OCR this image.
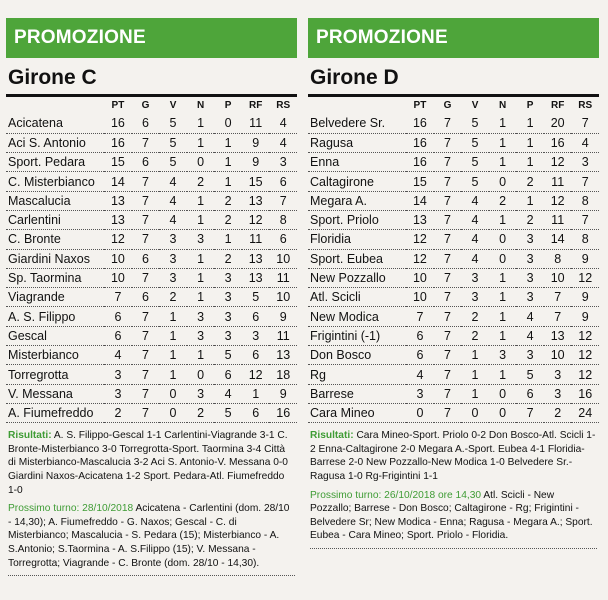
PROMOZIONE
Girone C
	PT	G	V	N	P	RF	RS
Acicatena	16	6	5	1	0	11	4
Aci S. Antonio	16	7	5	1	1	9	4
Sport. Pedara	15	6	5	0	1	9	3
C. Misterbianco	14	7	4	2	1	15	6
Mascalucia	13	7	4	1	2	13	7
Carlentini	13	7	4	1	2	12	8
C. Bronte	12	7	3	3	1	11	6
Giardini Naxos	10	6	3	1	2	13	10
Sp. Taormina	10	7	3	1	3	13	11
Viagrande	7	6	2	1	3	5	10
A. S. Filippo	6	7	1	3	3	6	9
Gescal	6	7	1	3	3	3	11
Misterbianco	4	7	1	1	5	6	13
Torregrotta	3	7	1	0	6	12	18
V. Messana	3	7	0	3	4	1	9
A. Fiumefreddo	2	7	0	2	5	6	16

Risultati: A. S. Filippo-Gescal 1-1 Carlentini-Viagrande 3-1 C. Bronte-Misterbianco 3-0 Torregrotta-Sport. Taormina 3-4 Città di Misterbianco-Mascalucia 3-2 Aci S. Antonio-V. Messana 0-0 Giardini Naxos-Acicatena 1-2 Sport. Pedara-Atl. Fiumefreddo 1-0

Prossimo turno: 28/10/2018 Acicatena - Carlentini (dom. 28/10 - 14,30); A. Fiumefreddo - G. Naxos; Gescal - C. di Misterbianco; Mascalucia - S. Pedara (15); Misterbianco - A. S.Antonio; S.Taormina - A. S.Filippo (15); V. Messana - Torregrotta; Viagrande - C. Bronte (dom. 28/10 - 14,30).

PROMOZIONE
Girone D
	PT	G	V	N	P	RF	RS
Belvedere Sr.	16	7	5	1	1	20	7
Ragusa	16	7	5	1	1	16	4
Enna	16	7	5	1	1	12	3
Caltagirone	15	7	5	0	2	11	7
Megara A.	14	7	4	2	1	12	8
Sport. Priolo	13	7	4	1	2	11	7
Floridia	12	7	4	0	3	14	8
Sport. Eubea	12	7	4	0	3	8	9
New Pozzallo	10	7	3	1	3	10	12
Atl. Scicli	10	7	3	1	3	7	9
New Modica	7	7	2	1	4	7	9
Frigintini (-1)	6	7	2	1	4	13	12
Don Bosco	6	7	1	3	3	10	12
Rg	4	7	1	1	5	3	12
Barrese	3	7	1	0	6	3	16
Cara Mineo	0	7	0	0	7	2	24

Risultati: Cara Mineo-Sport. Priolo 0-2 Don Bosco-Atl. Scicli 1-2 Enna-Caltagirone 2-0 Megara A.-Sport. Eubea 4-1 Floridia-Barrese 2-0 New Pozzallo-New Modica 1-0 Belvedere Sr.-Ragusa 1-0 Rg-Frigintini 1-1

Prossimo turno: 26/10/2018 ore 14,30 Atl. Scicli - New Pozzallo; Barrese - Don Bosco; Caltagirone - Rg; Frigintini - Belvedere Sr; New Modica - Enna; Ragusa - Megara A.; Sport. Eubea - Cara Mineo; Sport. Priolo - Floridia.
